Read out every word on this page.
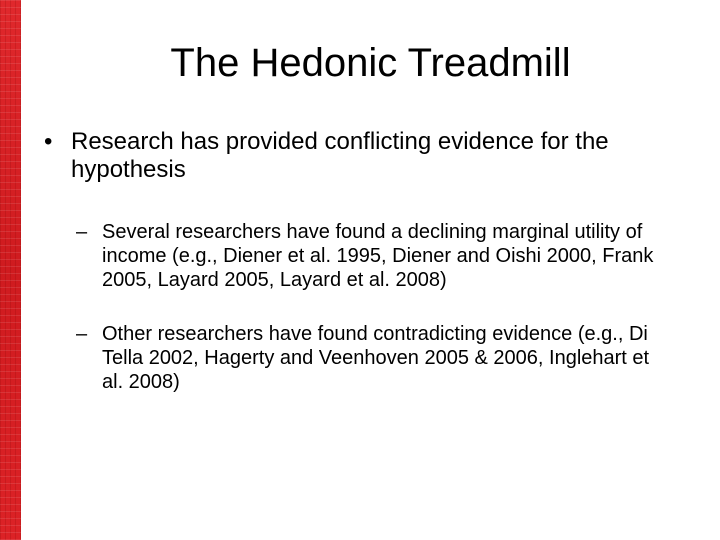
The Hedonic Treadmill
• Research has provided conflicting evidence for the hypothesis
– Several researchers have found a declining marginal utility of income (e.g., Diener et al. 1995, Diener and Oishi 2000, Frank 2005, Layard 2005, Layard et al. 2008)
– Other researchers have found contradicting evidence (e.g., Di Tella 2002, Hagerty and Veenhoven 2005 & 2006, Inglehart et al. 2008)
